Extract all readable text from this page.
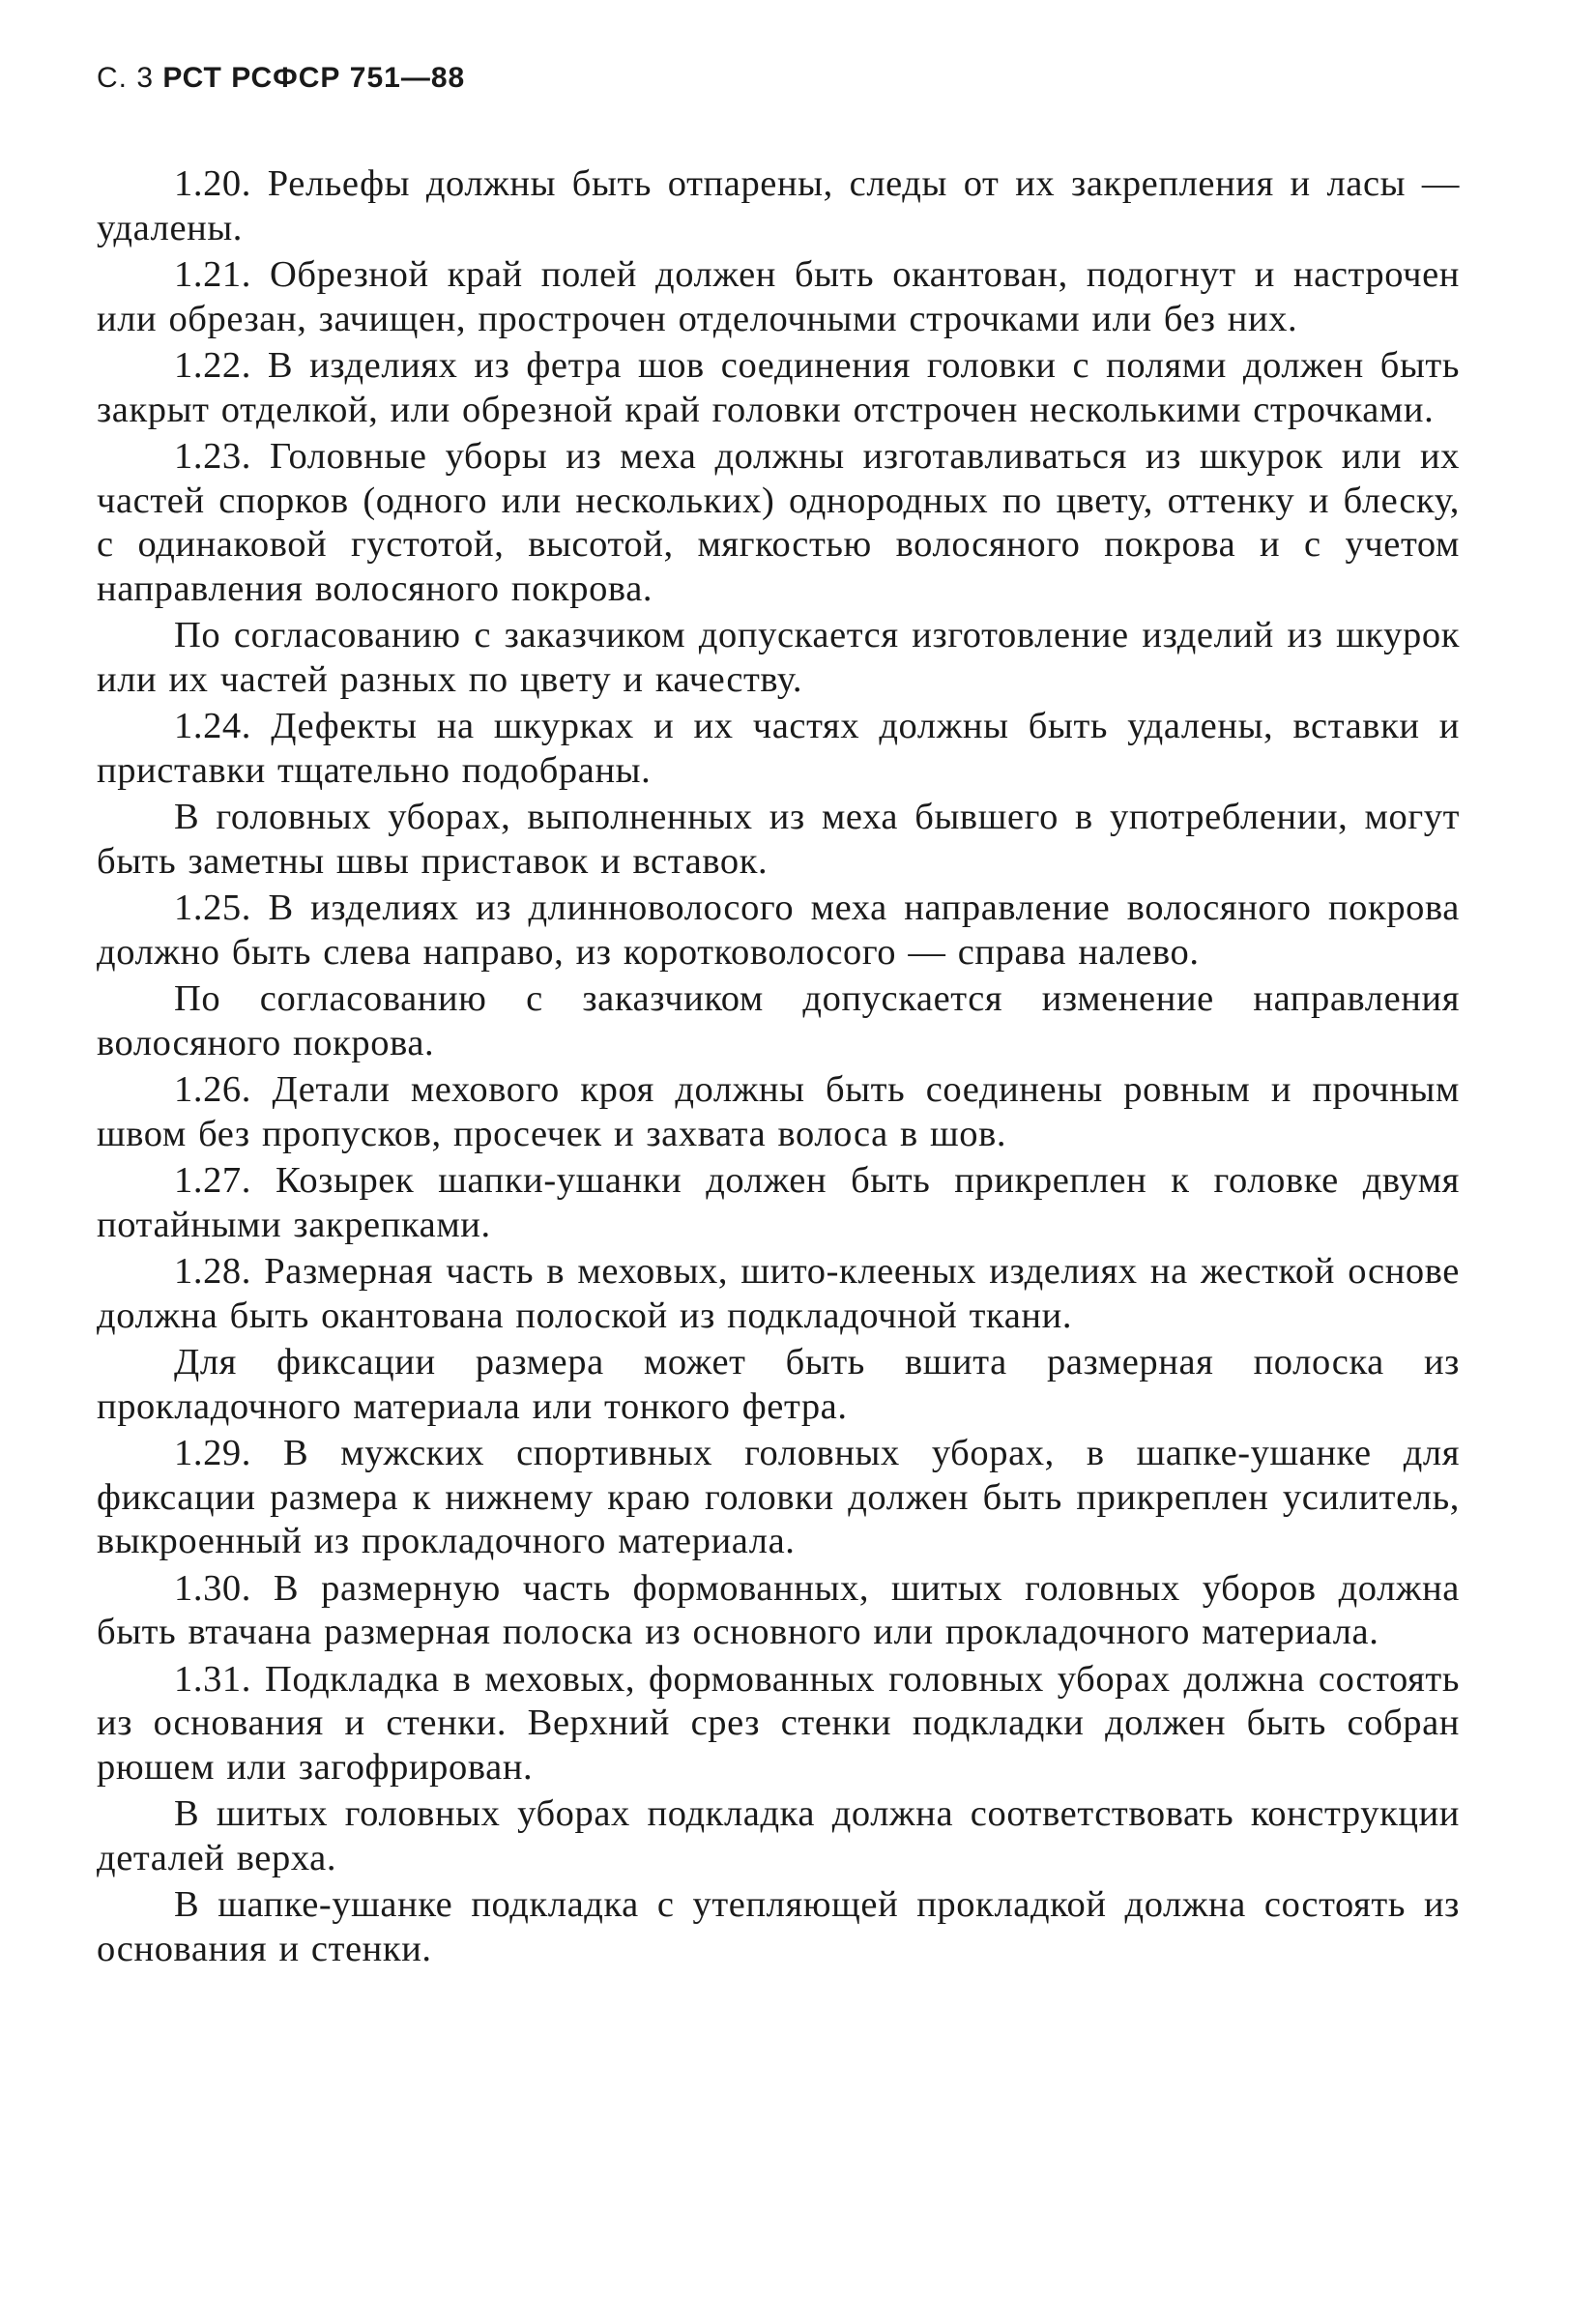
С. 3 РСТ РСФСР 751—88

1.20. Рельефы должны быть отпарены, следы от их закрепления и ласы — удалены.

1.21. Обрезной край полей должен быть окантован, подогнут и настрочен или обрезан, зачищен, прострочен отделочными строчками или без них.

1.22. В изделиях из фетра шов соединения головки с полями должен быть закрыт отделкой, или обрезной край головки отстрочен несколькими строчками.

1.23. Головные уборы из меха должны изготавливаться из шкурок или их частей спорков (одного или нескольких) однородных по цвету, оттенку и блеску, с одинаковой густотой, высотой, мягкостью волосяного покрова и с учетом направления волосяного покрова.

По согласованию с заказчиком допускается изготовление изделий из шкурок или их частей разных по цвету и качеству.

1.24. Дефекты на шкурках и их частях должны быть удалены, вставки и приставки тщательно подобраны.

В головных уборах, выполненных из меха бывшего в употреблении, могут быть заметны швы приставок и вставок.

1.25. В изделиях из длинноволосого меха направление волосяного покрова должно быть слева направо, из коротковолосого — справа налево.

По согласованию с заказчиком допускается изменение направления волосяного покрова.

1.26. Детали мехового кроя должны быть соединены ровным и прочным швом без пропусков, просечек и захвата волоса в шов.

1.27. Козырек шапки-ушанки должен быть прикреплен к головке двумя потайными закрепками.

1.28. Размерная часть в меховых, шито-клееных изделиях на жесткой основе должна быть окантована полоской из подкладочной ткани.

Для фиксации размера может быть вшита размерная полоска из прокладочного материала или тонкого фетра.

1.29. В мужских спортивных головных уборах, в шапке-ушанке для фиксации размера к нижнему краю головки должен быть прикреплен усилитель, выкроенный из прокладочного материала.

1.30. В размерную часть формованных, шитых головных уборов должна быть втачана размерная полоска из основного или прокладочного материала.

1.31. Подкладка в меховых, формованных головных уборах должна состоять из основания и стенки. Верхний срез стенки подкладки должен быть собран рюшем или загофрирован.

В шитых головных уборах подкладка должна соответствовать конструкции деталей верха.

В шапке-ушанке подкладка с утепляющей прокладкой должна состоять из основания и стенки.
